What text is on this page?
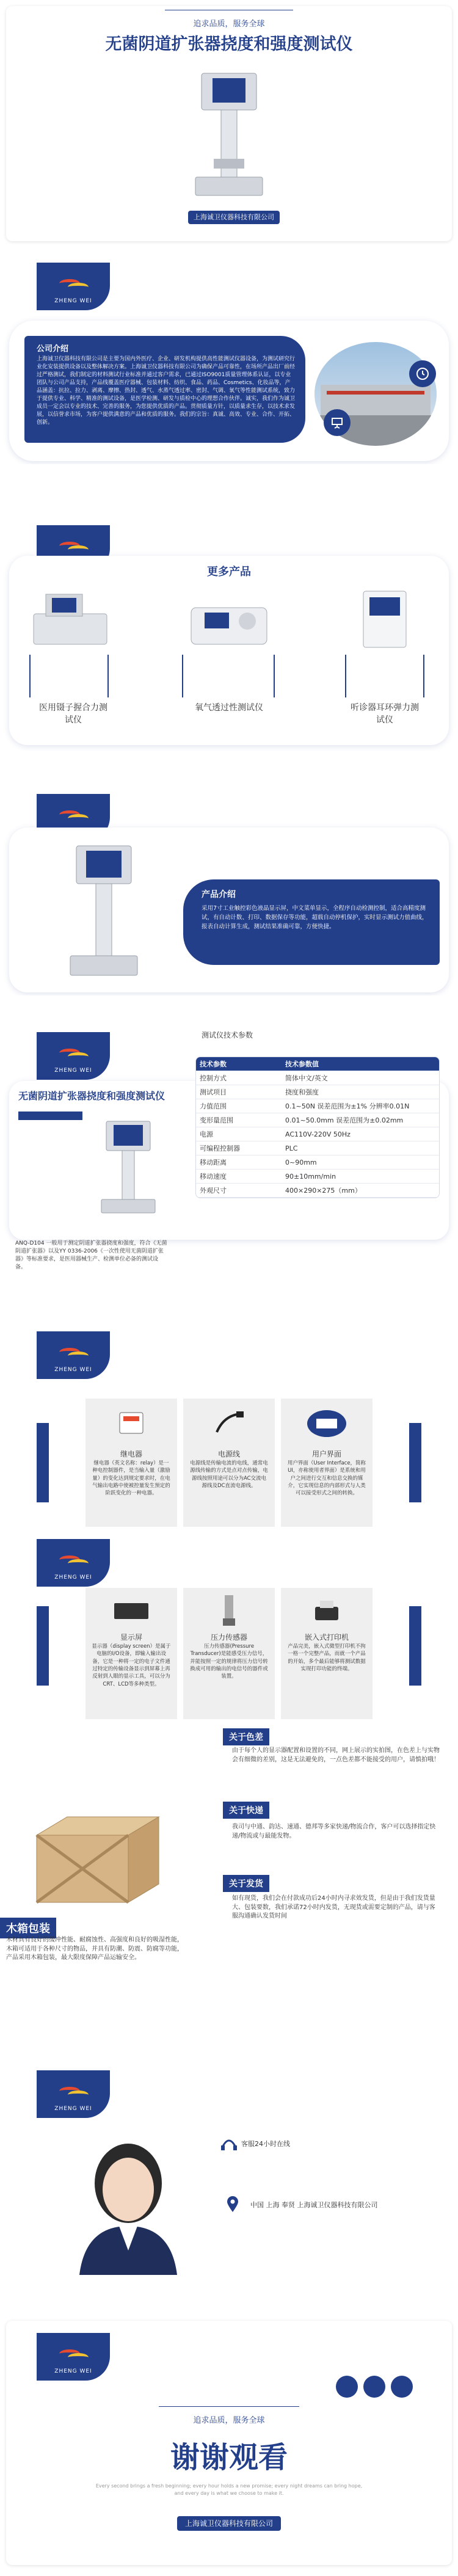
追求品质，服务全球
无菌阴道扩张器挠度和强度测试仪
上海诚卫仪器科技有限公司
ZHENG WEI
公司介绍
上海诚卫仪器科技有限公司是主要为国内外医疗、企业、研发机构提供高性能测试仪器设备，为测试研究行业化安装提供设备以及整体解决方案。上海诚卫仪器科技有限公司为确保产品可靠性，在场所产品出厂前经过严格测试，我们制定的材料测试行业标准并通过客户需求，已通过ISO9001质量管理体系认证，以专业团队与公司产品支持，产品线覆盖医疗器械、包装材料、纺织、食品、药品、Cosmetics、化妆品等，产品涵盖：抗拉、拉力、剥离、摩擦、热封、透气、水蒸气透过率、密封、气调、氧气等性能测试系统，致力于提供专业、科学、精准的测试设备，是医学检测、研发与质检中心的理想合作伙伴。诚实，我们作为诚卫成员一定会以专业的技术、完善的服务，为您提供优质的产品。贯彻质量方针，以质量求生存，以技术求发展，以信誉求市场，为客户提供满意的产品和优质的服务。我们的宗旨：真诚、高效、专业、合作、开拓、创新。
更多产品
医用镊子握合力测试仪
氧气透过性测试仪	听诊器耳环弹力测试仪
产品介绍
采用7寸工业触控彩色液晶显示屏，中文菜单显示，全程序自动检测控制，适合高精度测试，有自动计数、打印、数据保存等功能，超载自动停机保护，实时显示测试力值曲线，报表自动计算生成，测试结果准确可靠，方便快捷。
ZHENG WEI
测试仪技术参数
无菌阴道扩张器挠度和强度测试仪
ANQ-D104 一般用于测定阴道扩张器挠度和强度，符合《无菌阴道扩张器》以及YY 0336-2006《一次性使用无菌阴道扩张器》等标准要求，是医用器械生产、检测单位必备的测试设备。
技术参数	技术参数值
控制方式	简体中文/英文
测试项目	挠度和强度
力值范围	0.1~50N 误差范围为±1% 分辨率0.01N
变形量范围	0.01~50.0mm 误差范围为±0.02mm
电源	AC110V-220V 50Hz
可编程控制器	PLC
移动距离	0~90mm
移动速度	90±10mm/min
外观尺寸	400×290×275（mm）
ZHENG WEI
继电器
继电器（英文名称：relay）是一种电控制器件，是当输入量（激励量）的变化达到规定要求时，在电气输出电路中使被控量发生预定的阶跃变化的一种电器。
电源线
电源线是传输电流的电线，通常电源线传输的方式是点对点传输，电源线按照用途可以分为AC交流电源线及DC直流电源线。
用户界面
用户界面（User Interface，简称 UI，亦称使用者界面）是系统和用户之间进行交互和信息交换的媒介，它实现信息的内部形式与人类可以接受形式之间的转换。
ZHENG WEI
显示屏
显示器（display screen）是属于电脑的I/O设备，即输入输出设备，它是一种将一定的电子文件通过特定的传输设备显示到屏幕上再反射到人眼的显示工具，可以分为CRT、LCD等多种类型。
压力传感器
压力传感器(Pressure Transducer)是能感受压力信号，并能按照一定的规律将压力信号转换成可用的输出的电信号的器件或装置。
嵌入式打印机
产品完美，嵌入式微型打印机不拘一格一个完整产品，而就一个产品的开始，多个最后能够将测试数据实现打印功能的终端。
木箱包装
木材具有良好的缓冲性能、耐腐蚀性、高强度和良好的吸湿性能，木箱可适用于各种尺寸的物品，并具有防潮、防震、防腐等功能，产品采用木箱包装，最大限度保障产品运输安全。
关于色差
由于每个人的显示器配置和设置的不同，网上展示的实拍图，在色差上与实物会有细微的差别，这是无法避免的，一点色差都不能接受的用户，请慎拍哦！
关于快递
我司与中通、韵达、速通、德邦等多家快递/物流合作，客户可以选择指定快递/物流或与最能发物。
关于发货
如有现货，我们会在付款成功后24小时内寻求效发货，但是由于我们发货量大、包装要数，我们承诺72小时内发货，无现货或需要定制的产品，请与客服沟通确认发货时间
ZHENG WEI
客服24小时在线
中国 上海 奉贤 上海诚卫仪器科技有限公司
ZHENG WEI
追求品质，服务全球
谢谢观看
Every second brings a fresh beginning; every hour holds a new promise; every night dreams can bring hope, and every day is what we choose to make it.
上海诚卫仪器科技有限公司
